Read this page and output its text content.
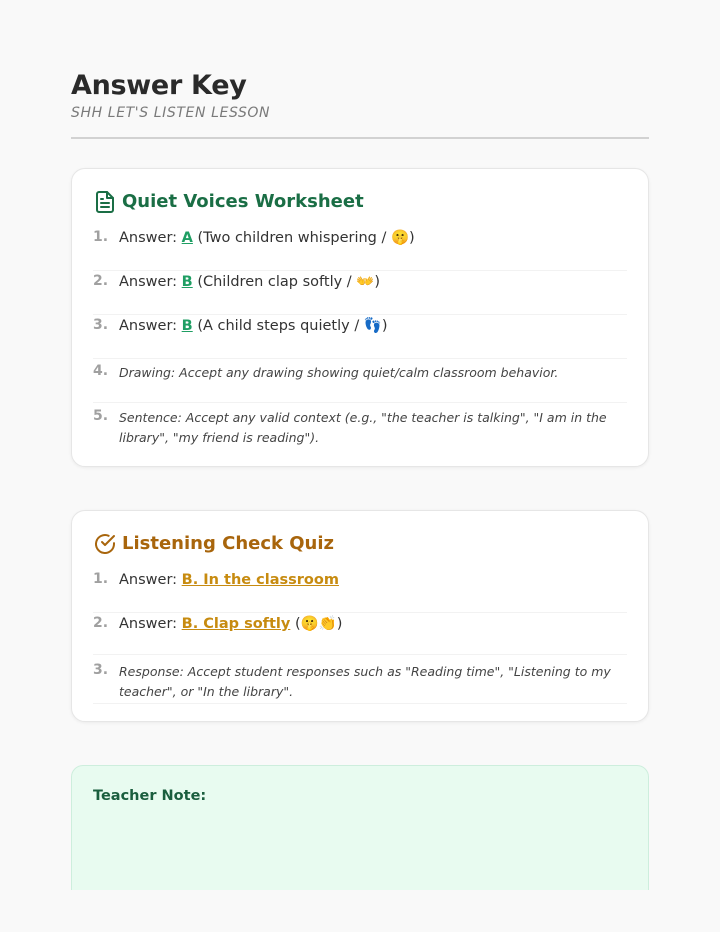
Answer Key
SHH LET'S LISTEN LESSON
Quiet Voices Worksheet
1. Answer: A (Two children whispering / 🤫)
2. Answer: B (Children clap softly / 👐)
3. Answer: B (A child steps quietly / 👣)
4. Drawing: Accept any drawing showing quiet/calm classroom behavior.
5. Sentence: Accept any valid context (e.g., "the teacher is talking", "I am in the library", "my friend is reading").
Listening Check Quiz
1. Answer: B. In the classroom
2. Answer: B. Clap softly (🤫👏)
3. Response: Accept student responses such as "Reading time", "Listening to my teacher", or "In the library".
Teacher Note:
